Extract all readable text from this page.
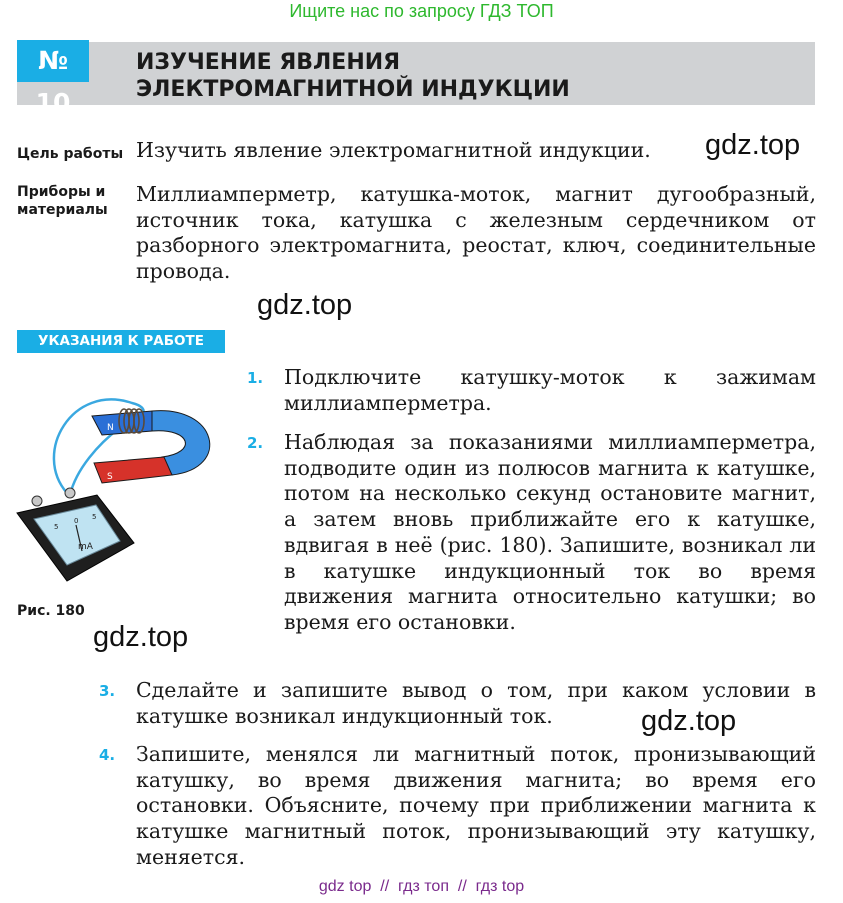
Ищите нас по запросу ГДЗ ТОП
№ 10
ИЗУЧЕНИЕ ЯВЛЕНИЯ
ЭЛЕКТРОМАГНИТНОЙ ИНДУКЦИИ
Цель работы Изучить явление электромагнитной индукции.	gdz.top
Приборы и материалы
Миллиамперметр, катушка-моток, магнит дугообразный, источник тока, катушка с железным сердечником от разборного электромагнита, реостат, ключ, соединительные провода.
gdz.top
УКАЗАНИЯ К РАБОТЕ
N
S
5
0 5
mA
Рис. 180
gdz.top
1. Подключите катушку-моток к зажимам миллиамперметра.
2. Наблюдая за показаниями миллиамперметра, подводите один из полюсов магнита к катушке, потом на несколько секунд остановите магнит, а затем вновь приближайте его к катушке, вдвигая в неё (рис. 180). Запишите, возникал ли в катушке индукционный ток во время движения магнита относительно катушки; во время его остановки.
3. Сделайте и запишите вывод о том, при каком условии в катушке возникал индукционный ток.	gdz.top
4. Запишите, менялся ли магнитный поток, пронизывающий катушку, во время движения магнита; во время его остановки. Объясните, почему при приближении магнита к катушке магнитный поток, пронизывающий эту катушку, меняется.
gdz top  //  гдз топ  //  гдз top
